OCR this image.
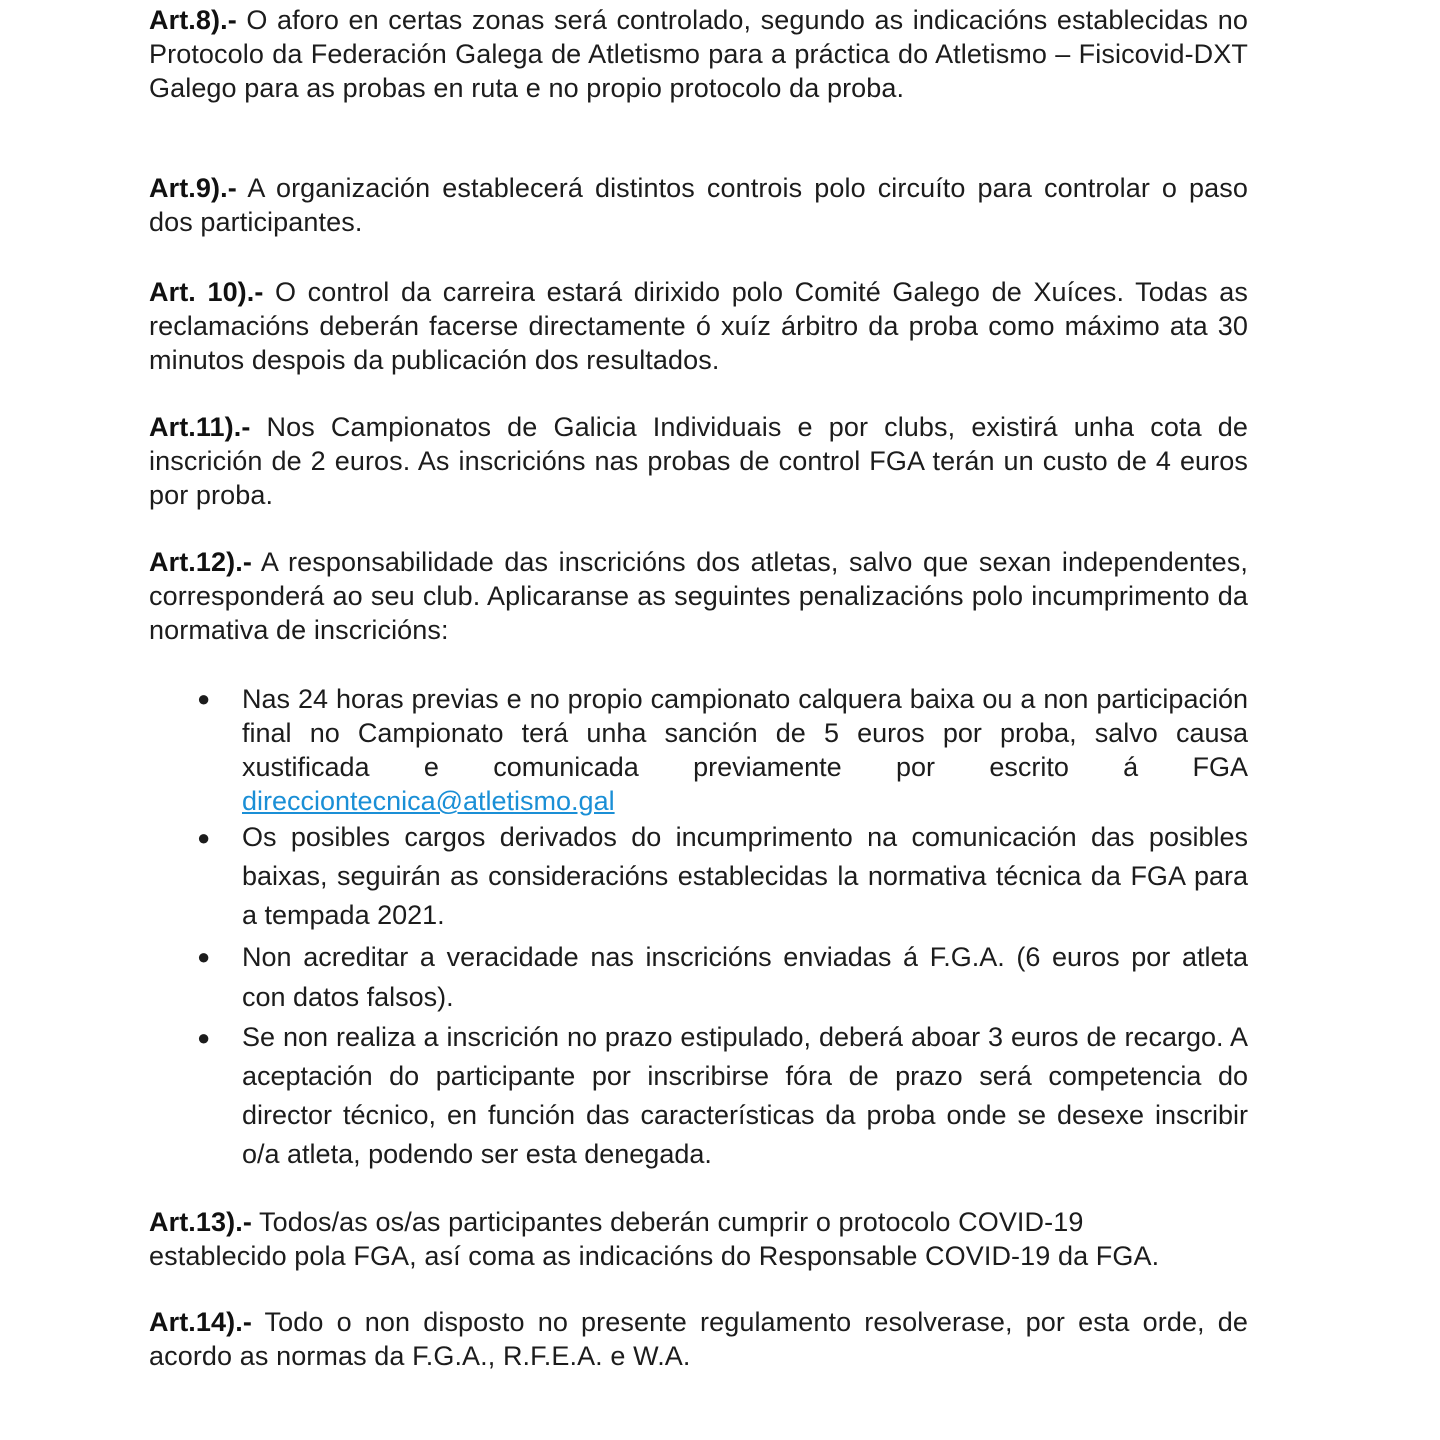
Art.8).- O aforo en certas zonas será controlado, segundo as indicacións establecidas no Protocolo da Federación Galega de Atletismo para a práctica do Atletismo – Fisicovid-DXT Galego para as probas en ruta e no propio protocolo da proba.

Art.9).- A organización establecerá distintos controis polo circuíto para controlar o paso dos participantes.

Art. 10).- O control da carreira estará dirixido polo Comité Galego de Xuíces. Todas as reclamacións deberán facerse directamente ó xuíz árbitro da proba como máximo ata 30 minutos despois da publicación dos resultados.

Art.11).- Nos Campionatos de Galicia Individuais e por clubs, existirá unha cota de inscrición de 2 euros. As inscricións nas probas de control FGA terán un custo de 4 euros por proba.

Art.12).- A responsabilidade das inscricións dos atletas, salvo que sexan independentes, corresponderá ao seu club. Aplicaranse as seguintes penalizacións polo incumprimento da normativa de inscricións:

● Nas 24 horas previas e no propio campionato calquera baixa ou a non participación final no Campionato terá unha sanción de 5 euros por proba, salvo causa xustificada e comunicada previamente por escrito á FGA direcciontecnica@atletismo.gal
● Os posibles cargos derivados do incumprimento na comunicación das posibles baixas, seguirán as consideracións establecidas la normativa técnica da FGA para a tempada 2021.
● Non acreditar a veracidade nas inscricións enviadas á F.G.A. (6 euros por atleta con datos falsos).
● Se non realiza a inscrición no prazo estipulado, deberá aboar 3 euros de recargo. A aceptación do participante por inscribirse fóra de prazo será competencia do director técnico, en función das características da proba onde se desexe inscribir o/a atleta, podendo ser esta denegada.

Art.13).- Todos/as os/as participantes deberán cumprir o protocolo COVID-19 establecido pola FGA, así coma as indicacións do Responsable COVID-19 da FGA.

Art.14).- Todo o non disposto no presente regulamento resolverase, por esta orde, de acordo as normas da F.G.A., R.F.E.A. e W.A.
